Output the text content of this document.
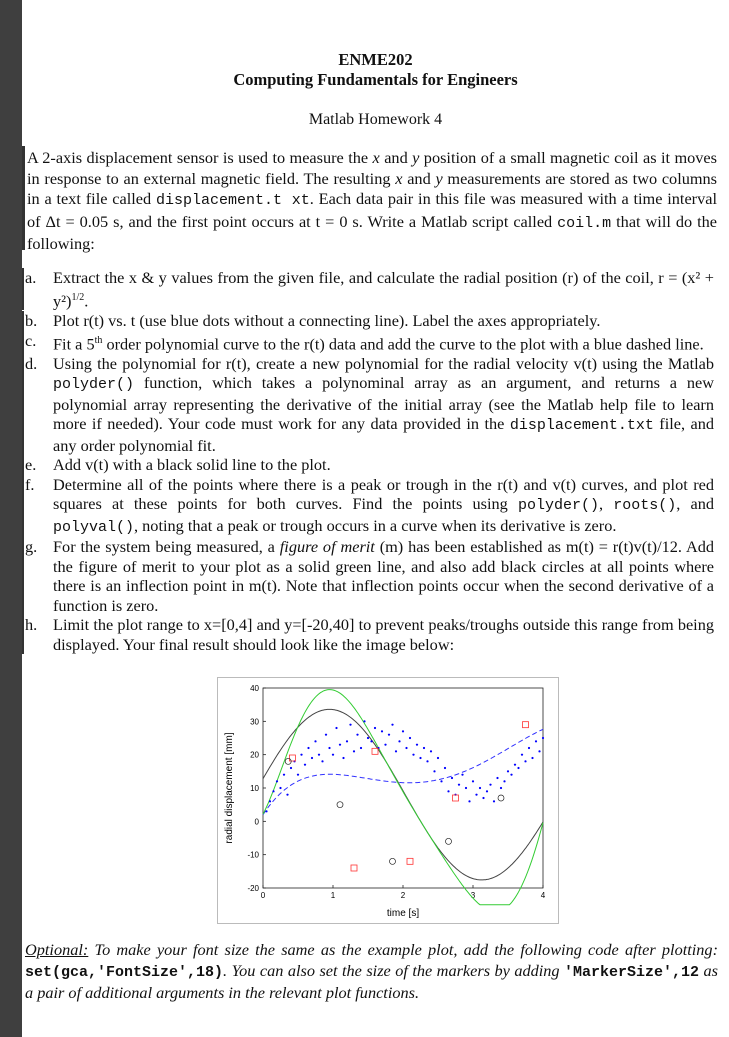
ENME202
Computing Fundamentals for Engineers
Matlab Homework 4
A 2-axis displacement sensor is used to measure the x and y position of a small magnetic coil as it moves in response to an external magnetic field. The resulting x and y measurements are stored as two columns in a text file called displacement.t xt. Each data pair in this file was measured with a time interval of Δt = 0.05 s, and the first point occurs at t = 0 s. Write a Matlab script called coil.m that will do the following:
a. Extract the x & y values from the given file, and calculate the radial position (r) of the coil, $r = (x^2 + y^2)^{1/2}$.
b. Plot r(t) vs. t (use blue dots without a connecting line). Label the axes appropriately.
c. Fit a 5th order polynomial curve to the r(t) data and add the curve to the plot with a blue dashed line.
d. Using the polynomial for r(t), create a new polynomial for the radial velocity v(t) using the Matlab polyder() function, which takes a polynominal array as an argument, and returns a new polynomial array representing the derivative of the initial array (see the Matlab help file to learn more if needed). Your code must work for any data provided in the displacement.txt file, and any order polynomial fit.
e. Add v(t) with a black solid line to the plot.
f. Determine all of the points where there is a peak or trough in the r(t) and v(t) curves, and plot red squares at these points for both curves. Find the points using polyder(), roots(), and polyval(), noting that a peak or trough occurs in a curve when its derivative is zero.
g. For the system being measured, a figure of merit (m) has been established as m(t) = r(t)v(t)/12. Add the figure of merit to your plot as a solid green line, and also add black circles at all points where there is an inflection point in m(t). Note that inflection points occur when the second derivative of a function is zero.
h. Limit the plot range to x=[0,4] and y=[-20,40] to prevent peaks/troughs outside this range from being displayed. Your final result should look like the image below:
0	1	2	3	4
-20
-10
0
10
20
30
40
time [s]
radial displacement [mm]
Optional: To make your font size the same as the example plot, add the following code after plotting: set(gca,'FontSize',18). You can also set the size of the markers by adding 'MarkerSize',12 as a pair of additional arguments in the relevant plot functions.
